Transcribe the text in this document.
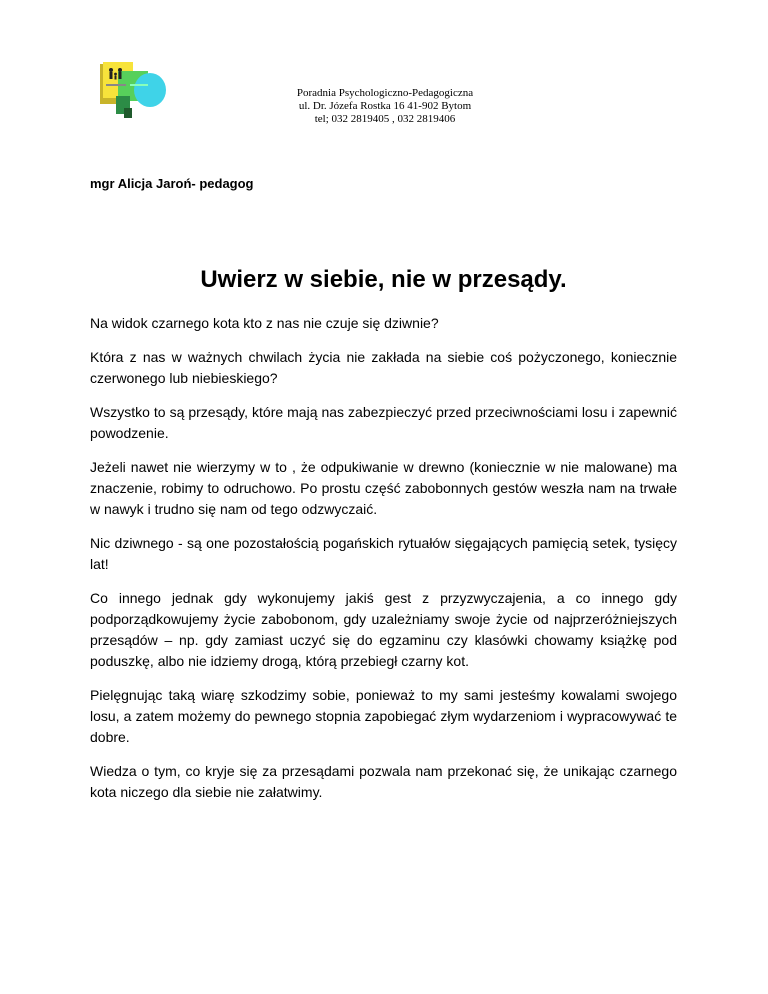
Poradnia Psychologiczno-Pedagogiczna
ul. Dr. Józefa Rostka 16 41-902 Bytom
tel; 032 2819405 , 032 2819406
mgr Alicja Jaroń- pedagog
Uwierz w siebie, nie w przesądy.

Na widok czarnego kota kto z nas nie czuje się dziwnie?

Która z nas w ważnych chwilach życia nie zakłada na siebie coś pożyczonego, koniecznie czerwonego lub niebieskiego?

Wszystko to są przesądy, które mają nas zabezpieczyć przed przeciwnościami losu i zapewnić powodzenie.

Jeżeli nawet nie wierzymy w to , że odpukiwanie w drewno (koniecznie w nie malowane) ma znaczenie, robimy to odruchowo. Po prostu część zabobonnych gestów weszła nam na trwałe w nawyk i trudno się nam od tego odzwyczaić.

Nic dziwnego - są one pozostałością pogańskich rytuałów sięgających pamięcią setek, tysięcy lat!

Co innego jednak gdy wykonujemy jakiś gest z przyzwyczajenia, a co innego gdy podporządkowujemy życie zabobonom, gdy uzależniamy swoje życie od najprzeróżniejszych przesądów – np. gdy zamiast uczyć się do egzaminu czy klasówki chowamy książkę pod poduszkę, albo nie idziemy drogą, którą przebiegł czarny kot.

Pielęgnując taką wiarę szkodzimy sobie, ponieważ to my sami jesteśmy kowalami swojego losu, a zatem możemy do pewnego stopnia zapobiegać złym wydarzeniom i wypracowywać te dobre.

Wiedza o tym, co kryje się za przesądami pozwala nam przekonać się, że unikając czarnego kota niczego dla siebie nie załatwimy.
